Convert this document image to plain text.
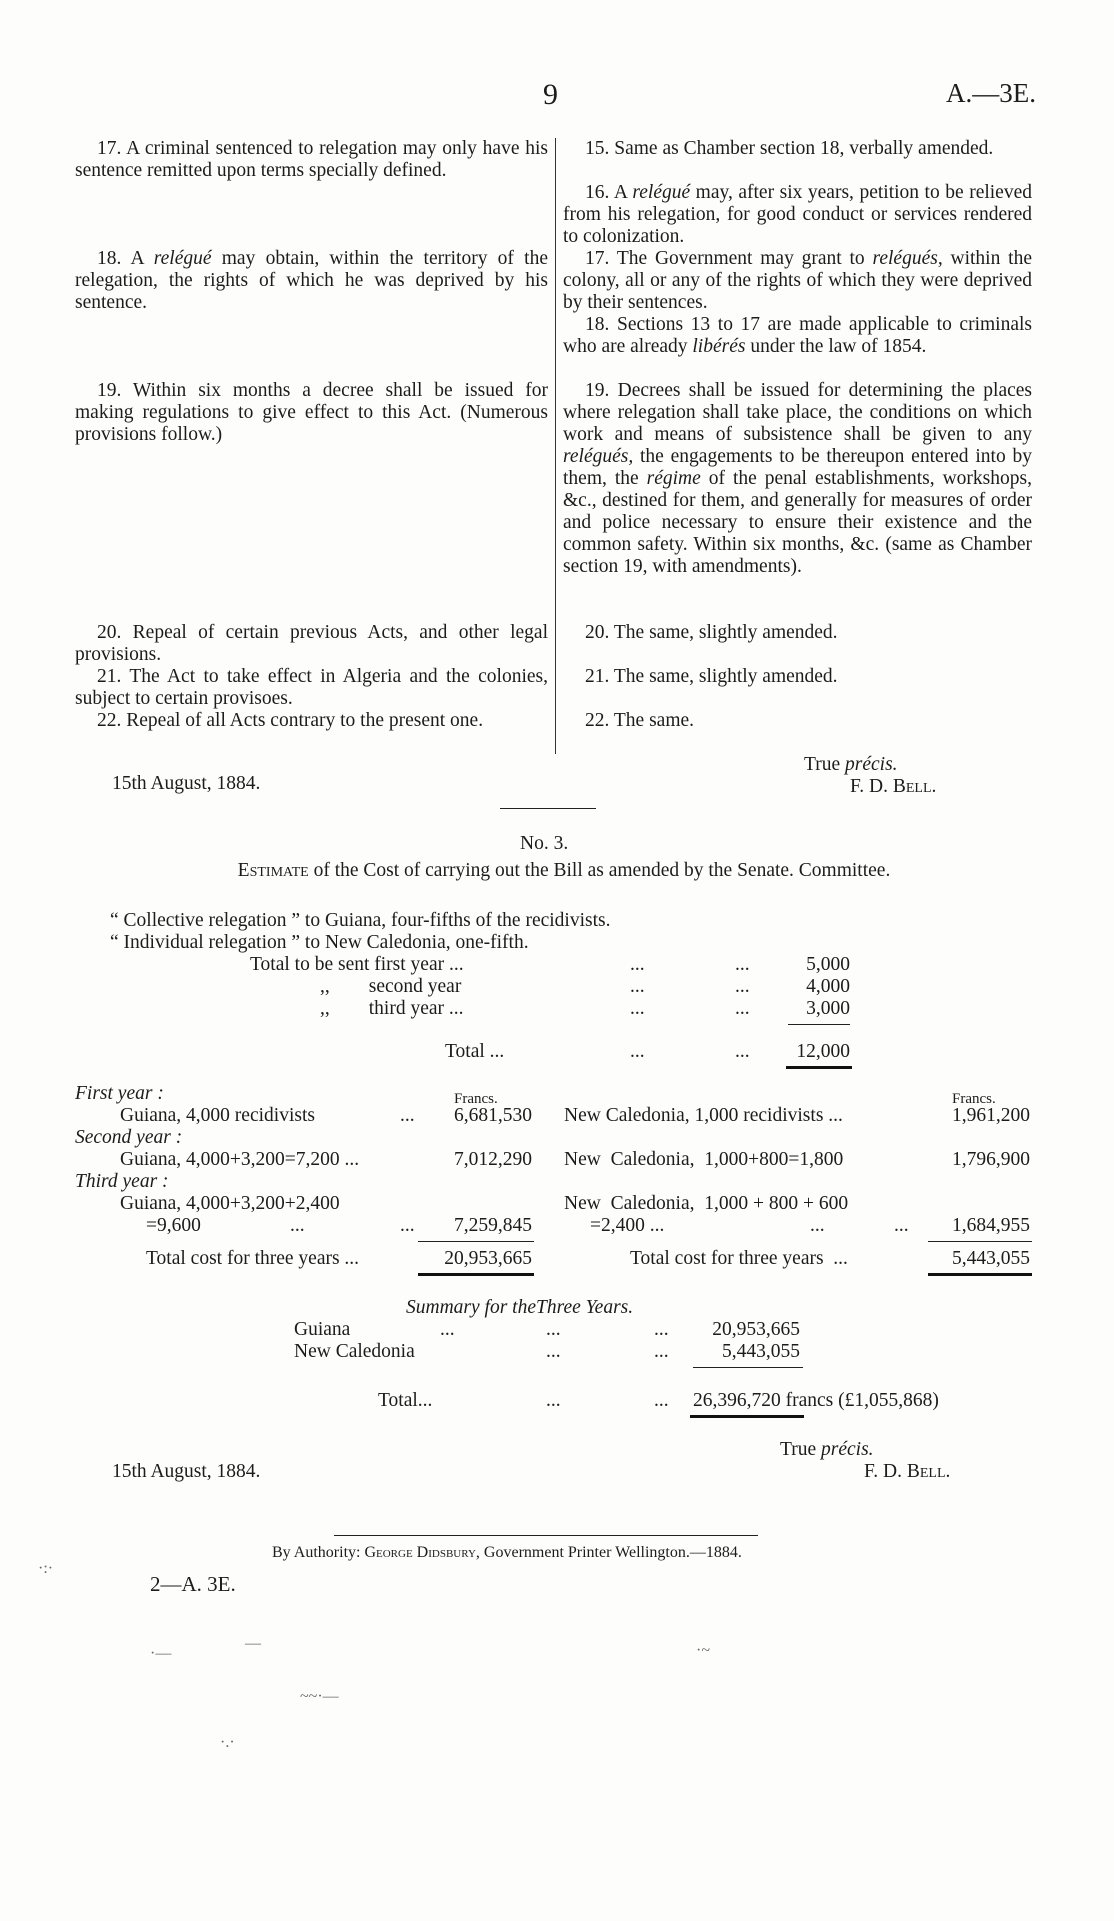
9	A.—3E.
17. A criminal sentenced to relegation may only have his sentence remitted upon terms specially defined.
18. A relégué may obtain, within the territory of the relegation, the rights of which he was deprived by his sentence.
19. Within six months a decree shall be issued for making regulations to give effect to this Act. (Numerous provisions follow.)
20. Repeal of certain previous Acts, and other legal provisions.
21. The Act to take effect in Algeria and the colonies, subject to certain provisoes.
22. Repeal of all Acts contrary to the present one.
15th August, 1884.
15. Same as Chamber section 18, verbally amended.
16. A relégué may, after six years, petition to be relieved from his relegation, for good conduct or services rendered to colonization.
17. The Government may grant to relégués, within the colony, all or any of the rights of which they were deprived by their sentences.
18. Sections 13 to 17 are made applicable to criminals who are already libérés under the law of 1854.
19. Decrees shall be issued for determining the places where relegation shall take place, the conditions on which work and means of subsistence shall be given to any relégués, the engagements to be thereupon entered into by them, the régime of the penal establishments, workshops, &c., destined for them, and generally for measures of order and police necessary to ensure their existence and the common safety. Within six months, &c. (same as Chamber section 19, with amendments).
20. The same, slightly amended.
21. The same, slightly amended.
22. The same.
True précis.
F. D. Bell.
No. 3.
Estimate of the Cost of carrying out the Bill as amended by the Senate. Committee.
“ Collective relegation ” to Guiana, four-fifths of the recidivists.
“ Individual relegation ” to New Caledonia, one-fifth.
Total to be sent first year ...	...	...	5,000
,,        second year	...	...	4,000
,,        third year ...	...	...	3,000
Total ...	...	...	12,000
Francs.
First year :
Guiana, 4,000 recidivists	...	6,681,530
Second year :
Guiana, 4,000+3,200=7,200 ...	7,012,290
Third year :
Guiana, 4,000+3,200+2,400
=9,600	...	...	7,259,845
Total cost for three years ...	20,953,665
Francs.
New Caledonia, 1,000 recidivists ...	1,961,200
New  Caledonia,  1,000+800=1,800	1,796,900
New  Caledonia,  1,000 + 800 + 600
=2,400 ...	...	...	1,684,955
Total cost for three years  ...	5,443,055
Summary for theThree Years.
Guiana	...	...	...	20,953,665
New Caledonia	...	...	5,443,055
Total...	...	... 26,396,720 francs (£1,055,868)
15th August, 1884.
True précis.
F. D. Bell.
By Authority: George Didsbury, Government Printer Wellington.—1884.
2—A. 3E.
·—
—
~~·—
·~
·.·
·:·
